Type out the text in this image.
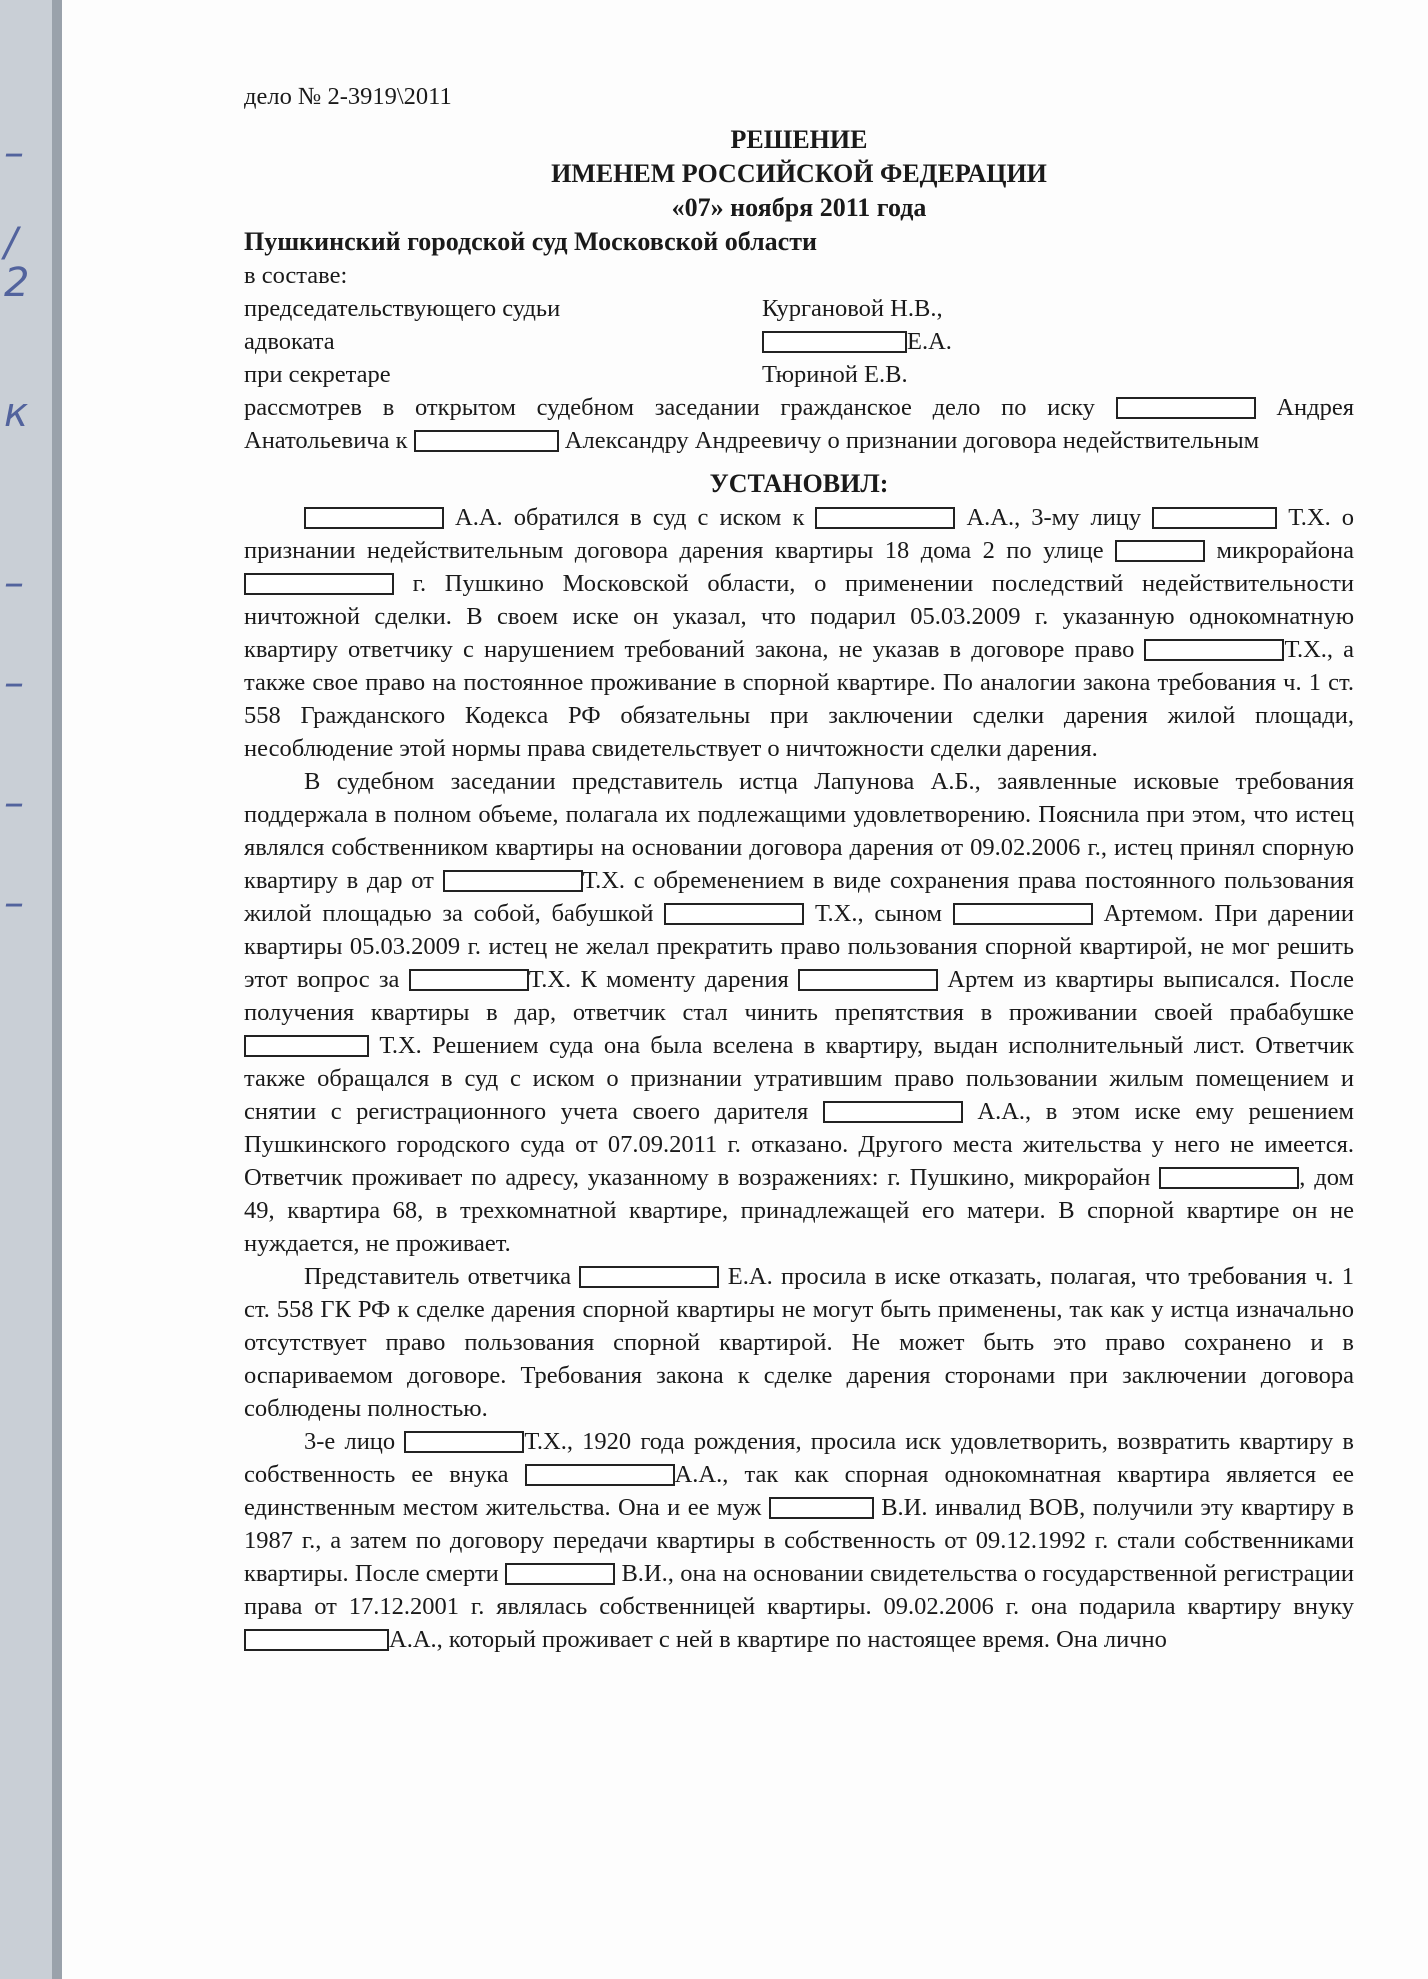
–
/
2
к
–
–
–
–
дело № 2-3919\2011
РЕШЕНИЕ
ИМЕНЕМ РОССИЙСКОЙ ФЕДЕРАЦИИ
«07» ноября 2011 года
Пушкинский городской суд Московской области
в составе:
председательствующего судьи	Кургановой Н.В.,
адвоката	Е.А.
при секретаре	Тюриной Е.В.

рассмотрев в открытом судебном заседании гражданское дело по иску	Андрея Анатольевича к	Александру Андреевичу о признании договора недействительным

УСТАНОВИЛ:

А.А. обратился в суд с иском к	А.А., 3-му лицу	Т.Х. о признании недействительным договора дарения квартиры 18 дома 2 по улице	микрорайона  г. Пушкино Московской области, о применении последствий недействительности ничтожной сделки. В своем иске он указал, что подарил 05.03.2009 г. указанную однокомнатную квартиру ответчику с нарушением требований закона, не указав в договоре право	Т.Х., а также свое право на постоянное проживание в спорной квартире. По аналогии закона требования ч. 1 ст. 558 Гражданского Кодекса РФ обязательны при заключении сделки дарения жилой площади, несоблюдение этой нормы права свидетельствует о ничтожности сделки дарения.

В судебном заседании представитель истца Лапунова А.Б., заявленные исковые требования поддержала в полном объеме, полагала их подлежащими удовлетворению. Пояснила при этом, что истец являлся собственником квартиры на основании договора дарения от 09.02.2006 г., истец принял спорную квартиру в дар от	Т.Х. с обременением в виде сохранения права постоянного пользования жилой площадью за собой, бабушкой	Т.Х., сыном	Артемом. При дарении квартиры 05.03.2009 г. истец не желал прекратить право пользования спорной квартирой, не мог решить этот вопрос за	Т.Х. К моменту дарения	Артем из квартиры выписался. После получения квартиры в дар, ответчик стал чинить препятствия в проживании своей прабабушке  Т.Х. Решением суда она была вселена в квартиру, выдан исполнительный лист. Ответчик также обращался в суд с иском о признании утратившим право пользовании жилым помещением и снятии с регистрационного учета своего дарителя	А.А., в этом иске ему решением Пушкинского городского суда от 07.09.2011 г. отказано. Другого места жительства у него не имеется. Ответчик проживает по адресу, указанному в возражениях: г. Пушкино, микрорайон	, дом 49, квартира 68, в трехкомнатной квартире, принадлежащей его матери. В спорной квартире он не нуждается, не проживает.

Представитель ответчика	Е.А. просила в иске отказать, полагая, что требования ч. 1 ст. 558 ГК РФ к сделке дарения спорной квартиры не могут быть применены, так как у истца изначально отсутствует право пользования спорной квартирой. Не может быть это право сохранено и в оспариваемом договоре. Требования закона к сделке дарения сторонами при заключении договора соблюдены полностью.

3-е лицо	Т.Х., 1920 года рождения, просила иск удовлетворить, возвратить квартиру в собственность ее внука	А.А., так как спорная однокомнатная квартира является ее единственным местом жительства. Она и ее муж	В.И. инвалид ВОВ, получили эту квартиру в 1987 г., а затем по договору передачи квартиры в собственность от 09.12.1992 г. стали собственниками квартиры. После смерти	В.И., она на основании свидетельства о государственной регистрации права от 17.12.2001 г. являлась собственницей квартиры. 09.02.2006 г. она подарила квартиру внуку А.А., который проживает с ней в квартире по настоящее время. Она лично
